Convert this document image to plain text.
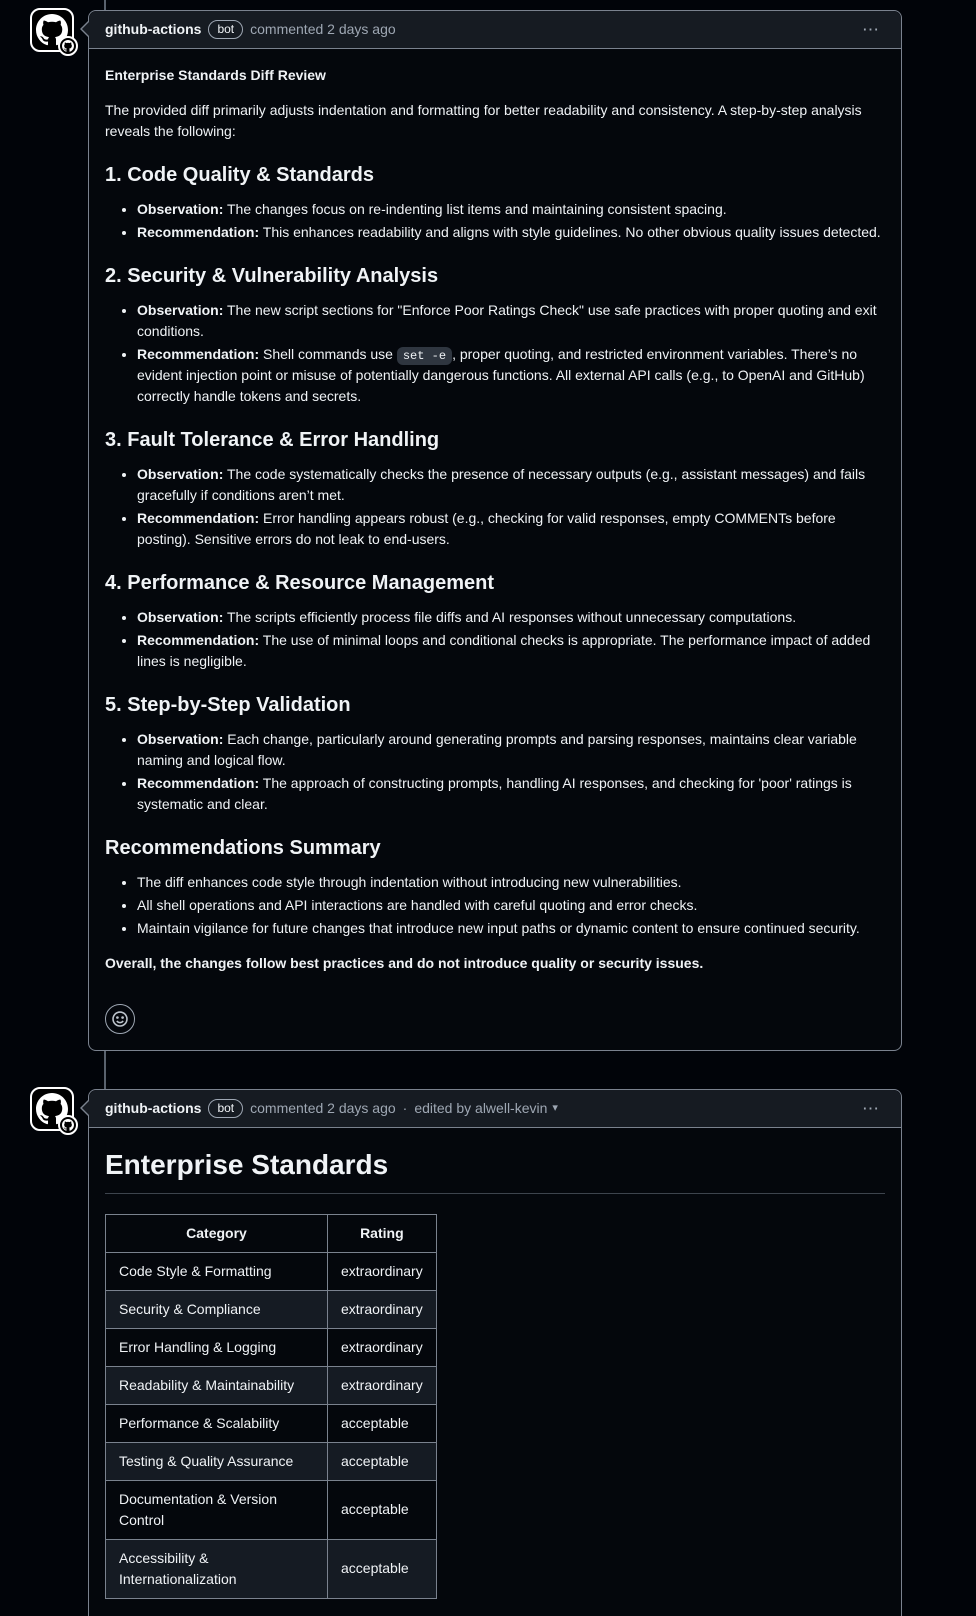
github-actions	bot	commented 2 days ago	⋯

Enterprise Standards Diff Review

The provided diff primarily adjusts indentation and formatting for better readability and consistency. A step-by-step analysis reveals the following:

1. Code Quality & Standards
• Observation: The changes focus on re-indenting list items and maintaining consistent spacing.
• Recommendation: This enhances readability and aligns with style guidelines. No other obvious quality issues detected.
2. Security & Vulnerability Analysis
• Observation: The new script sections for "Enforce Poor Ratings Check" use safe practices with proper quoting and exit conditions.
• Recommendation: Shell commands use set -e , proper quoting, and restricted environment variables. There’s no evident injection point or misuse of potentially dangerous functions. All external API calls (e.g., to OpenAI and GitHub) correctly handle tokens and secrets.
3. Fault Tolerance & Error Handling
• Observation: The code systematically checks the presence of necessary outputs (e.g., assistant messages) and fails gracefully if conditions aren’t met.
• Recommendation: Error handling appears robust (e.g., checking for valid responses, empty COMMENTs before posting). Sensitive errors do not leak to end-users.
4. Performance & Resource Management
• Observation: The scripts efficiently process file diffs and AI responses without unnecessary computations.
• Recommendation: The use of minimal loops and conditional checks is appropriate. The performance impact of added lines is negligible.
5. Step-by-Step Validation
• Observation: Each change, particularly around generating prompts and parsing responses, maintains clear variable naming and logical flow.
• Recommendation: The approach of constructing prompts, handling AI responses, and checking for 'poor' ratings is systematic and clear.
Recommendations Summary
• The diff enhances code style through indentation without introducing new vulnerabilities.
• All shell operations and API interactions are handled with careful quoting and error checks.
• Maintain vigilance for future changes that introduce new input paths or dynamic content to ensure continued security.

Overall, the changes follow best practices and do not introduce quality or security issues.

github-actions	bot	commented 2 days ago · edited by alwell-kevin ▾	⋯
Enterprise Standards
Category	Rating
Code Style & Formatting	extraordinary
Security & Compliance	extraordinary
Error Handling & Logging	extraordinary
Readability & Maintainability	extraordinary
Performance & Scalability	acceptable
Testing & Quality Assurance	acceptable
Documentation & Version Control	acceptable
Accessibility & Internationalization	acceptable
